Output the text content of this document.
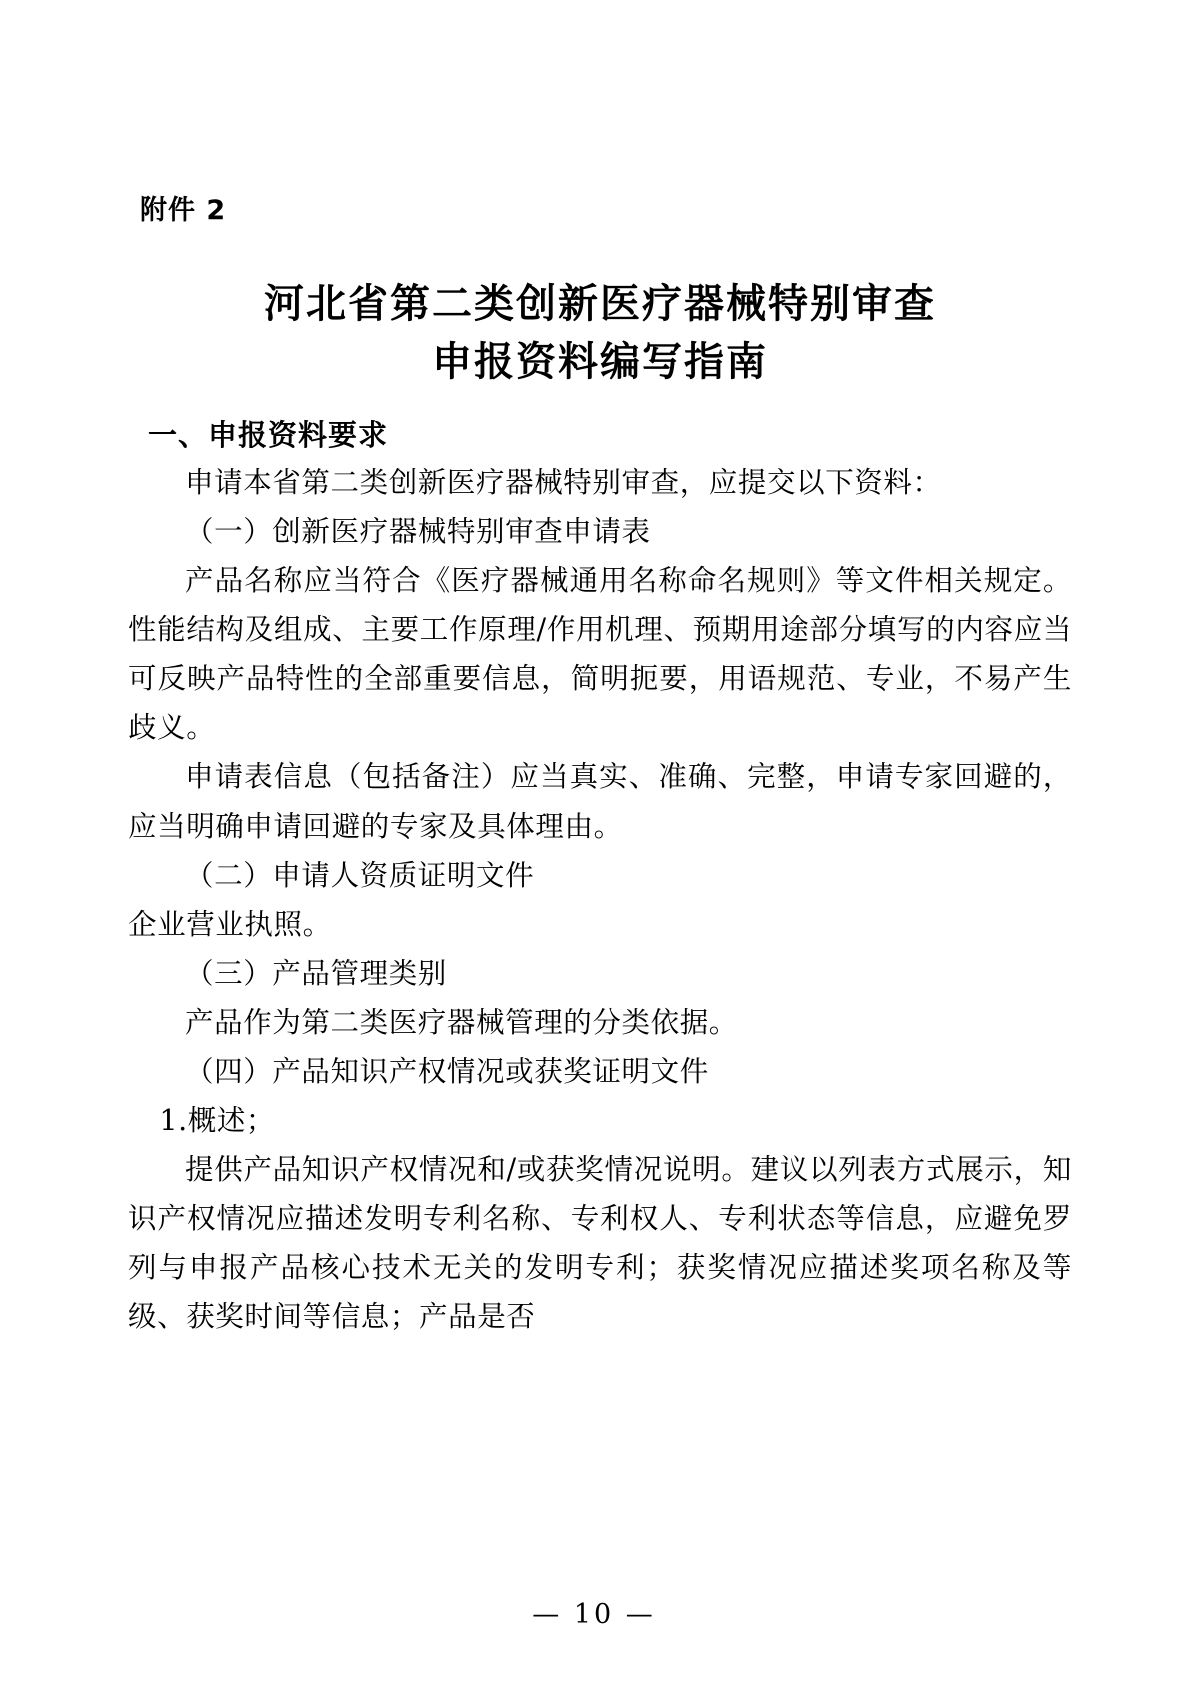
附件 2
河北省第二类创新医疗器械特别审查
申报资料编写指南
一、申报资料要求

申请本省第二类创新医疗器械特别审查，应提交以下资料：

（一）创新医疗器械特别审查申请表

产品名称应当符合《医疗器械通用名称命名规则》等文件相关规定。性能结构及组成、主要工作原理/作用机理、预期用途部分填写的内容应当可反映产品特性的全部重要信息，简明扼要，用语规范、专业，不易产生歧义。

申请表信息（包括备注）应当真实、准确、完整，申请专家回避的，应当明确申请回避的专家及具体理由。

（二）申请人资质证明文件

企业营业执照。

（三）产品管理类别

产品作为第二类医疗器械管理的分类依据。

（四）产品知识产权情况或获奖证明文件

1.概述；

提供产品知识产权情况和/或获奖情况说明。建议以列表方式展示，知识产权情况应描述发明专利名称、专利权人、专利状态等信息，应避免罗列与申报产品核心技术无关的发明专利；获奖情况应描述奖项名称及等级、获奖时间等信息；产品是否

— 10 —
